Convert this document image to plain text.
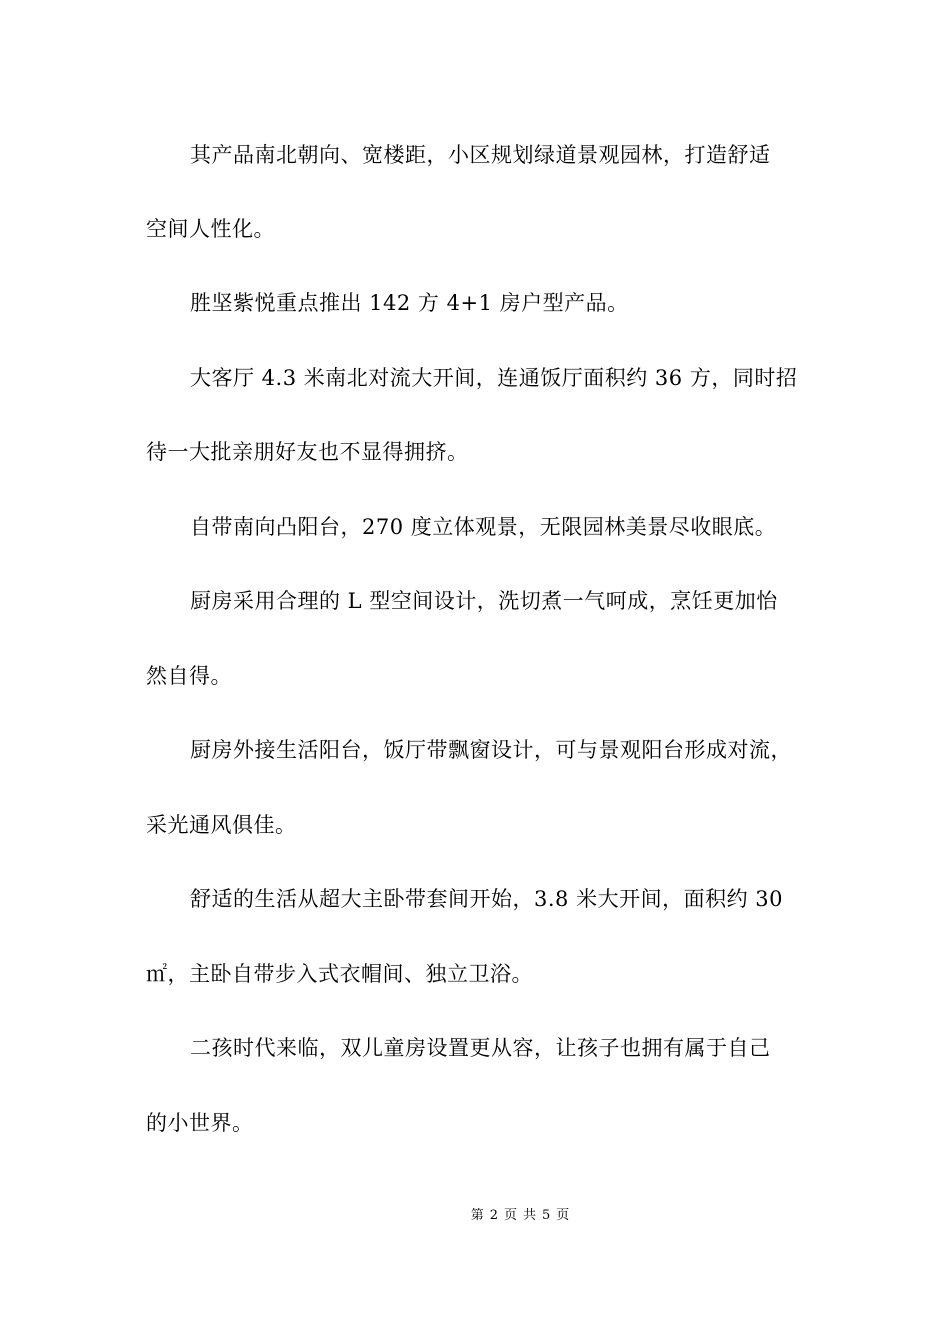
其产品南北朝向、宽楼距，小区规划绿道景观园林，打造舒适
空间人性化。
胜坚紫悦重点推出 142 方 4+1 房户型产品。
大客厅 4.3 米南北对流大开间，连通饭厅面积约 36 方，同时招
待一大批亲朋好友也不显得拥挤。
自带南向凸阳台，270 度立体观景，无限园林美景尽收眼底。
厨房采用合理的 L 型空间设计，洗切煮一气呵成，烹饪更加怡
然自得。
厨房外接生活阳台，饭厅带飘窗设计，可与景观阳台形成对流，
采光通风俱佳。
舒适的生活从超大主卧带套间开始，3.8 米大开间，面积约 30
㎡，主卧自带步入式衣帽间、独立卫浴。
二孩时代来临，双儿童房设置更从容，让孩子也拥有属于自己
的小世界。
第 2 页 共 5 页
